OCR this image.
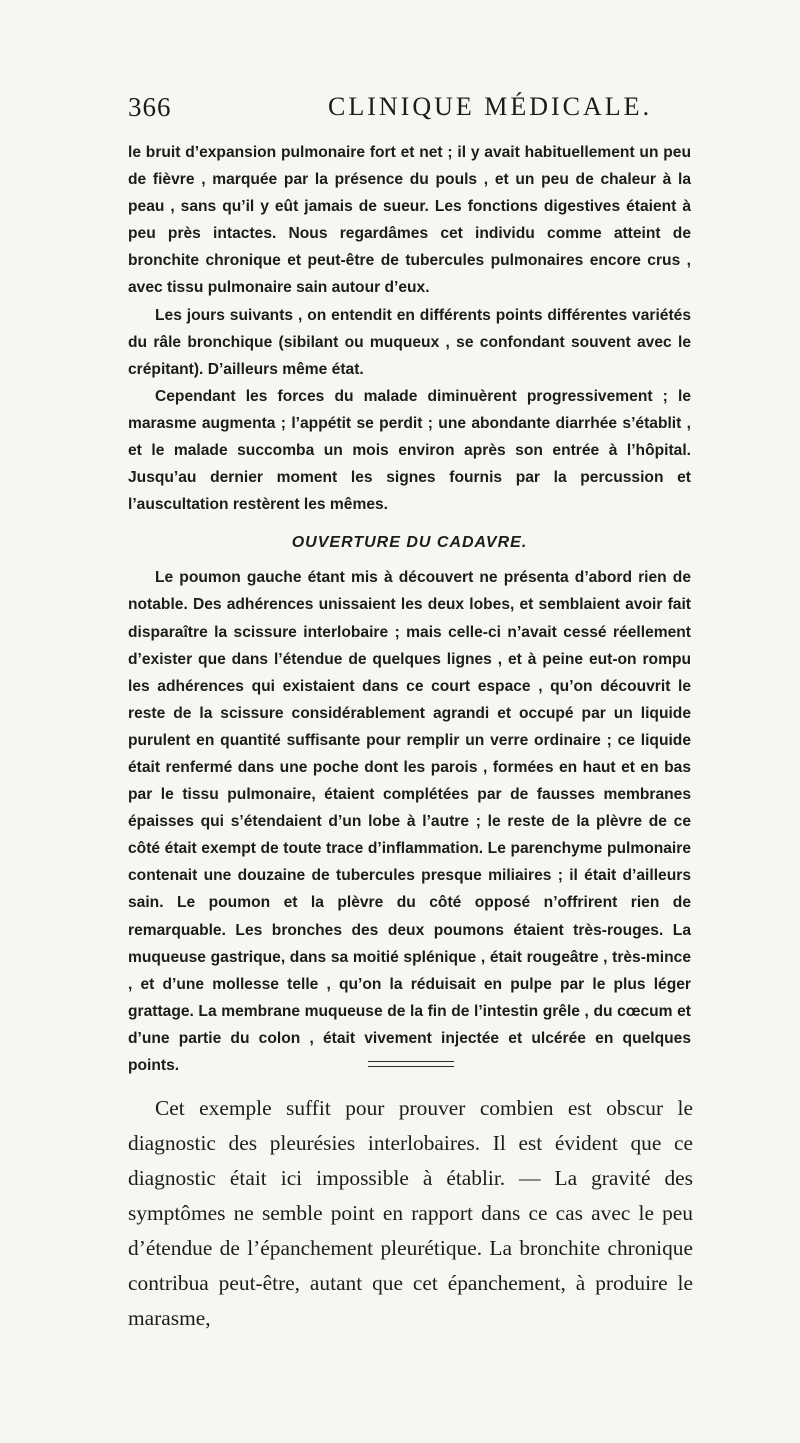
366	CLINIQUE MÉDICALE.

le bruit d’expansion pulmonaire fort et net ; il y avait habituellement un peu de fièvre , marquée par la présence du pouls , et un peu de chaleur à la peau , sans qu’il y eût jamais de sueur. Les fonctions digestives étaient à peu près intactes. Nous regardâmes cet individu comme atteint de bronchite chronique et peut-être de tubercules pulmonaires encore crus , avec tissu pulmonaire sain autour d’eux.

Les jours suivants , on entendit en différents points différentes variétés du râle bronchique (sibilant ou muqueux , se confondant souvent avec le crépitant). D’ailleurs même état.

Cependant les forces du malade diminuèrent progressivement ; le marasme augmenta ; l’appétit se perdit ; une abondante diarrhée s’établit , et le malade succomba un mois environ après son entrée à l’hôpital. Jusqu’au dernier moment les signes fournis par la percussion et l’auscultation restèrent les mêmes.

OUVERTURE DU CADAVRE.

Le poumon gauche étant mis à découvert ne présenta d’abord rien de notable. Des adhérences unissaient les deux lobes, et semblaient avoir fait disparaître la scissure interlobaire ; mais celle-ci n’avait cessé réellement d’exister que dans l’étendue de quelques lignes , et à peine eut-on rompu les adhérences qui existaient dans ce court espace , qu’on découvrit le reste de la scissure considérablement agrandi et occupé par un liquide purulent en quantité suffisante pour remplir un verre ordinaire ; ce liquide était renfermé dans une poche dont les parois , formées en haut et en bas par le tissu pulmonaire, étaient complétées par de fausses membranes épaisses qui s’étendaient d’un lobe à l’autre ; le reste de la plèvre de ce côté était exempt de toute trace d’inflammation. Le parenchyme pulmonaire contenait une douzaine de tubercules presque miliaires ; il était d’ailleurs sain. Le poumon et la plèvre du côté opposé n’offrirent rien de remarquable. Les bronches des deux poumons étaient très-rouges. La muqueuse gastrique, dans sa moitié splénique , était rougeâtre , très-mince , et d’une mollesse telle , qu’on la réduisait en pulpe par le plus léger grattage. La membrane muqueuse de la fin de l’intestin grêle , du cœcum et d’une partie du colon , était vivement injectée et ulcérée en quelques points.

Cet exemple suffit pour prouver combien est obscur le diagnostic des pleurésies interlobaires. Il est évident que ce diagnostic était ici impossible à établir. — La gravité des symptômes ne semble point en rapport dans ce cas avec le peu d’étendue de l’épanchement pleurétique. La bronchite chronique contribua peut-être, autant que cet épanchement, à produire le marasme,
